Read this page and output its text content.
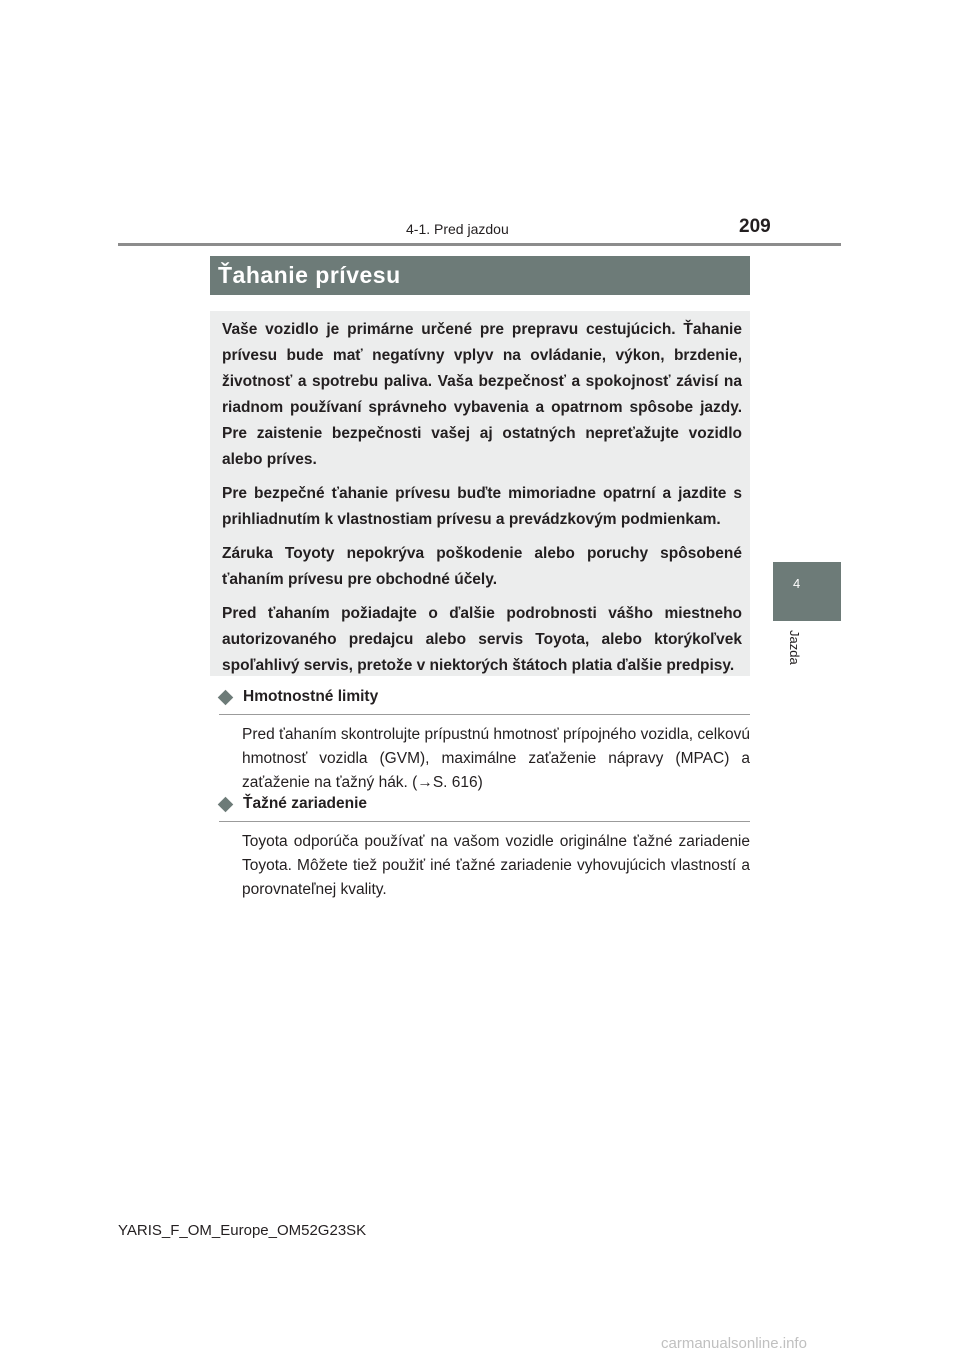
4-1. Pred jazdou	209
4
Jazda
Ťahanie prívesu

Vaše vozidlo je primárne určené pre prepravu cestujúcich. Ťahanie prívesu bude mať negatívny vplyv na ovládanie, výkon, brzdenie, životnosť a spotrebu paliva. Vaša bezpečnosť a spokojnosť závisí na riadnom používaní správneho vybavenia a opatrnom spôsobe jazdy. Pre zaistenie bezpečnosti vašej aj ostatných nepreťažujte vozidlo alebo príves.

Pre bezpečné ťahanie prívesu buďte mimoriadne opatrní a jazdite s prihliadnutím k vlastnostiam prívesu a prevádzkovým podmienkam.

Záruka Toyoty nepokrýva poškodenie alebo poruchy spôsobené ťahaním prívesu pre obchodné účely.

Pred ťahaním požiadajte o ďalšie podrobnosti vášho miestneho autorizovaného predajcu alebo servis Toyota, alebo ktorýkoľvek spoľahlivý servis, pretože v niektorých štátoch platia ďalšie predpisy.

Hmotnostné limity
Pred ťahaním skontrolujte prípustnú hmotnosť prípojného vozidla, celkovú hmotnosť vozidla (GVM), maximálne zaťaženie nápravy (MPAC) a zaťaženie na ťažný hák. (→S. 616)
Ťažné zariadenie
Toyota odporúča používať na vašom vozidle originálne ťažné zariadenie Toyota. Môžete tiež použiť iné ťažné zariadenie vyhovujúcich vlastností a porovnateľnej kvality.
YARIS_F_OM_Europe_OM52G23SK
carmanualsonline.info
